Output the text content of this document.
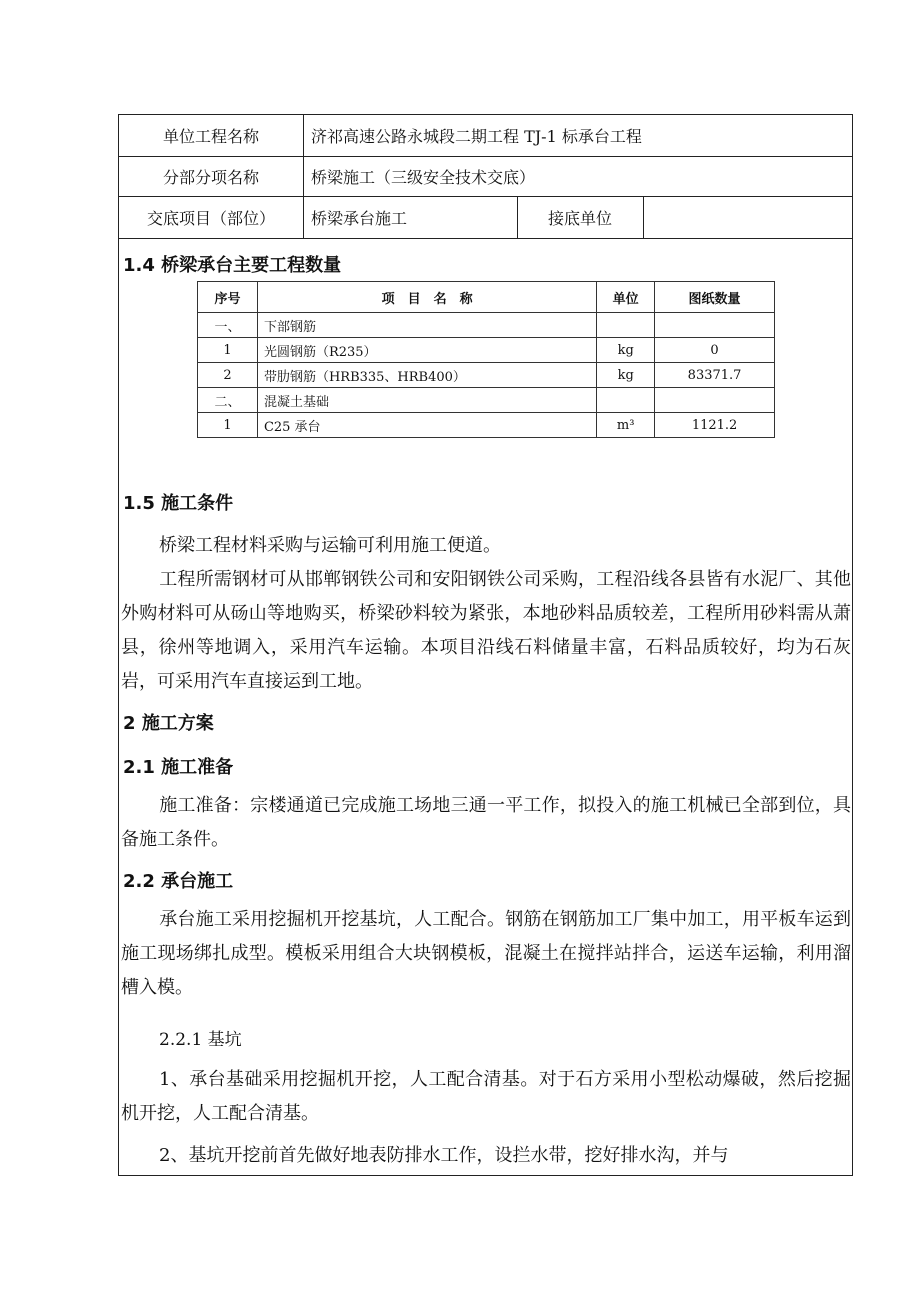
单位工程名称	济祁高速公路永城段二期工程 TJ-1 标承台工程
分部分项名称	桥梁施工（三级安全技术交底）
交底项目（部位）	桥梁承台施工	接底单位
1.4 桥梁承台主要工程数量
序号	项　目　名　称	单位	图纸数量
一、	下部钢筋		
1	光圆钢筋（R235）	kg	0
2	带肋钢筋（HRB335、HRB400）	kg	83371.7
二、	混凝土基础		
1	C25 承台	m³	1121.2
1.5 施工条件
桥梁工程材料采购与运输可利用施工便道。
工程所需钢材可从邯郸钢铁公司和安阳钢铁公司采购，工程沿线各县皆有水泥厂、其他外购材料可从砀山等地购买，桥梁砂料较为紧张，本地砂料品质较差，工程所用砂料需从萧县，徐州等地调入，采用汽车运输。本项目沿线石料储量丰富，石料品质较好，均为石灰岩，可采用汽车直接运到工地。
2 施工方案
2.1 施工准备
施工准备：宗楼通道已完成施工场地三通一平工作，拟投入的施工机械已全部到位，具备施工条件。
2.2 承台施工
承台施工采用挖掘机开挖基坑，人工配合。钢筋在钢筋加工厂集中加工，用平板车运到施工现场绑扎成型。模板采用组合大块钢模板，混凝土在搅拌站拌合，运送车运输，利用溜槽入模。
2.2.1 基坑
1、承台基础采用挖掘机开挖，人工配合清基。对于石方采用小型松动爆破，然后挖掘机开挖，人工配合清基。
2、基坑开挖前首先做好地表防排水工作，设拦水带，挖好排水沟，并与
